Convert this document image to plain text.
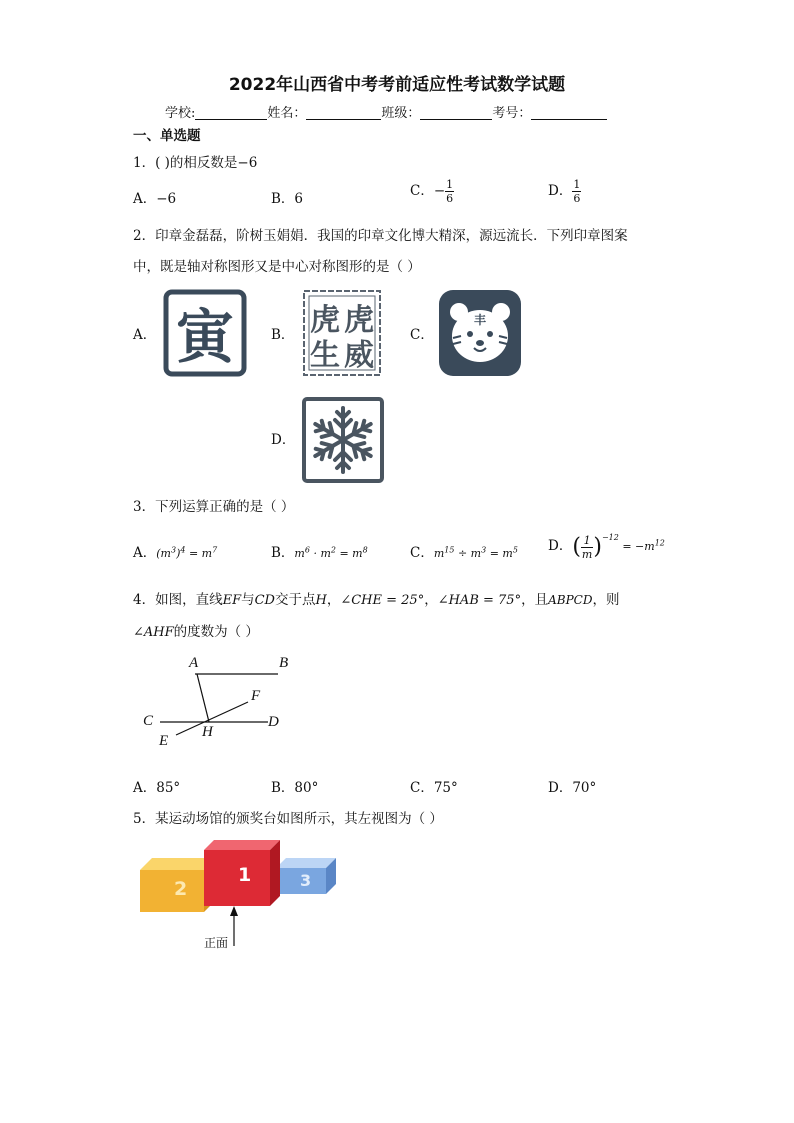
2022年山西省中考考前适应性考试数学试题
学校:	姓名：	班级：	考号：
一、单选题
1．( )的相反数是−6
A．−6	B．6	C．− $\frac{1}{6}$	D． $\frac{1}{6}$
2．印章金磊磊，阶树玉娟娟．我国的印章文化博大精深，源远流长．下列印章图案
中，既是轴对称图形又是中心对称图形的是（ ）
A． 寅	B． 虎 虎
生 威
C．
丰
D．
3．下列运算正确的是（ ）
A．$(m^3)^4 = m^7$	B．$m^6 \cdot m^2 = m^8$	C．$m^{15} \div m^3 = m^5$ D．( $\frac{1}{m} )^{-12} = -m^{12}$
4．如图，直线EF与CD交于点H，∠CHE = 25°，∠HAB = 75°，且ABPCD，则
∠AHF的度数为（ ）
A	B
C	D
E
F
H
A．85°	B．80°	C．75°	D．70°
5．某运动场馆的颁奖台如图所示，其左视图为（ ）
2
1	3
正面
